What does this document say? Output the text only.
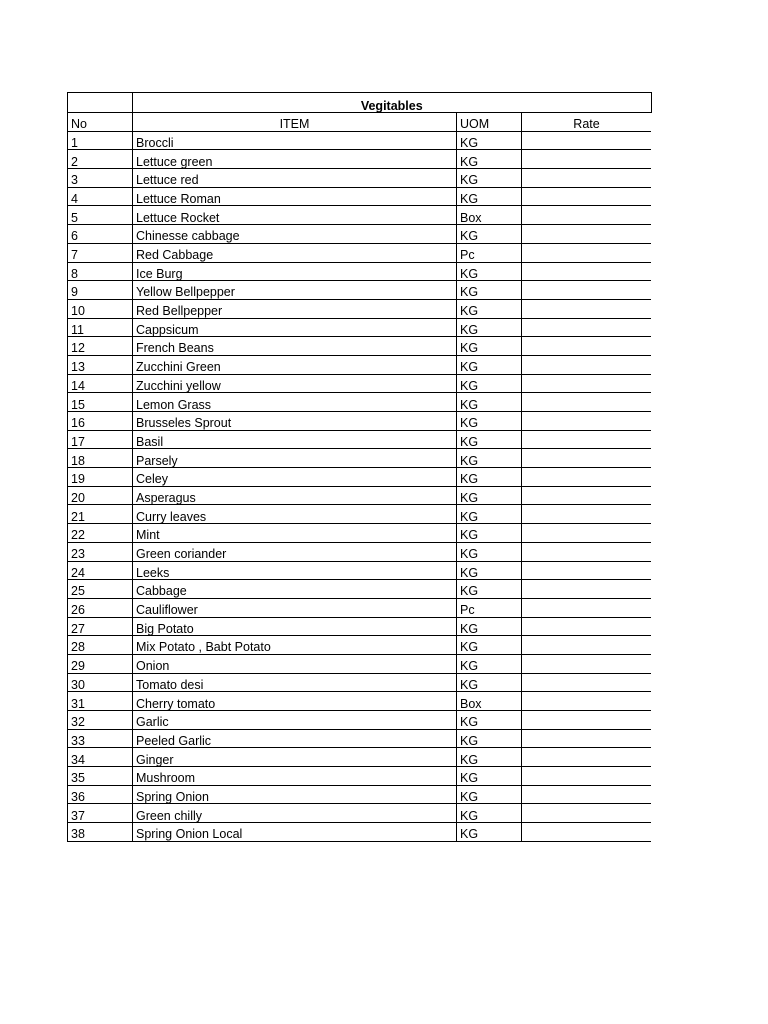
	Vegitables		
No	ITEM	UOM	Rate
1	Broccli	KG	
2	Lettuce green	KG	
3	Lettuce red	KG	
4	Lettuce Roman	KG	
5	Lettuce Rocket	Box	
6	Chinesse cabbage	KG	
7	Red Cabbage	Pc	
8	Ice Burg	KG	
9	Yellow Bellpepper	KG	
10	Red Bellpepper	KG	
11	Cappsicum	KG	
12	French Beans	KG	
13	Zucchini Green	KG	
14	Zucchini yellow	KG	
15	Lemon Grass	KG	
16	Brusseles Sprout	KG	
17	Basil	KG	
18	Parsely	KG	
19	Celey	KG	
20	Asperagus	KG	
21	Curry leaves	KG	
22	Mint	KG	
23	Green coriander	KG	
24	Leeks	KG	
25	Cabbage	KG	
26	Cauliflower	Pc	
27	Big Potato	KG	
28	Mix Potato , Babt Potato	KG	
29	Onion	KG	
30	Tomato desi	KG	
31	Cherry tomato	Box	
32	Garlic	KG	
33	Peeled Garlic	KG	
34	Ginger	KG	
35	Mushroom	KG	
36	Spring Onion	KG	
37	Green chilly	KG	
38	Spring Onion Local	KG	
